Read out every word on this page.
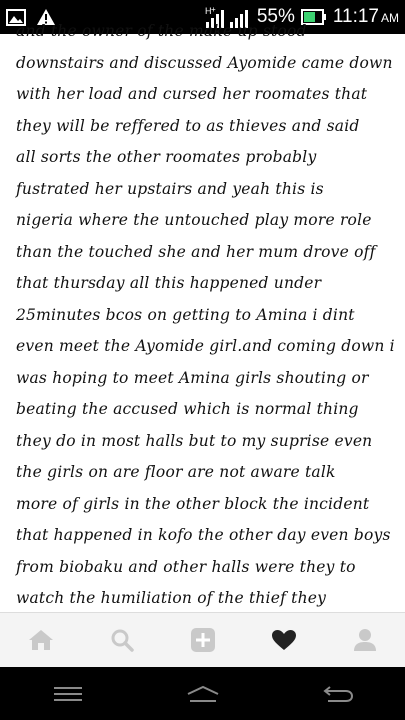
H + 55% 11:17 AM
and the owner of the make up stood
downstairs and discussed Ayomide came down
with her load and cursed her roomates that
they will be reffered to as thieves and said
all sorts the other roomates probably
fustrated her upstairs and yeah this is
nigeria where the untouched play more role
than the touched she and her mum drove off
that thursday all this happened under
25minutes bcos on getting to Amina i dint
even meet the Ayomide girl.and coming down i
was hoping to meet Amina girls shouting or
beating the accused which is normal thing
they do in most halls but to my suprise even
the girls on are floor are not aware talk
more of girls in the other block the incident
that happened in kofo the other day even boys
from biobaku and other halls were they to
watch the humiliation of the thief they
